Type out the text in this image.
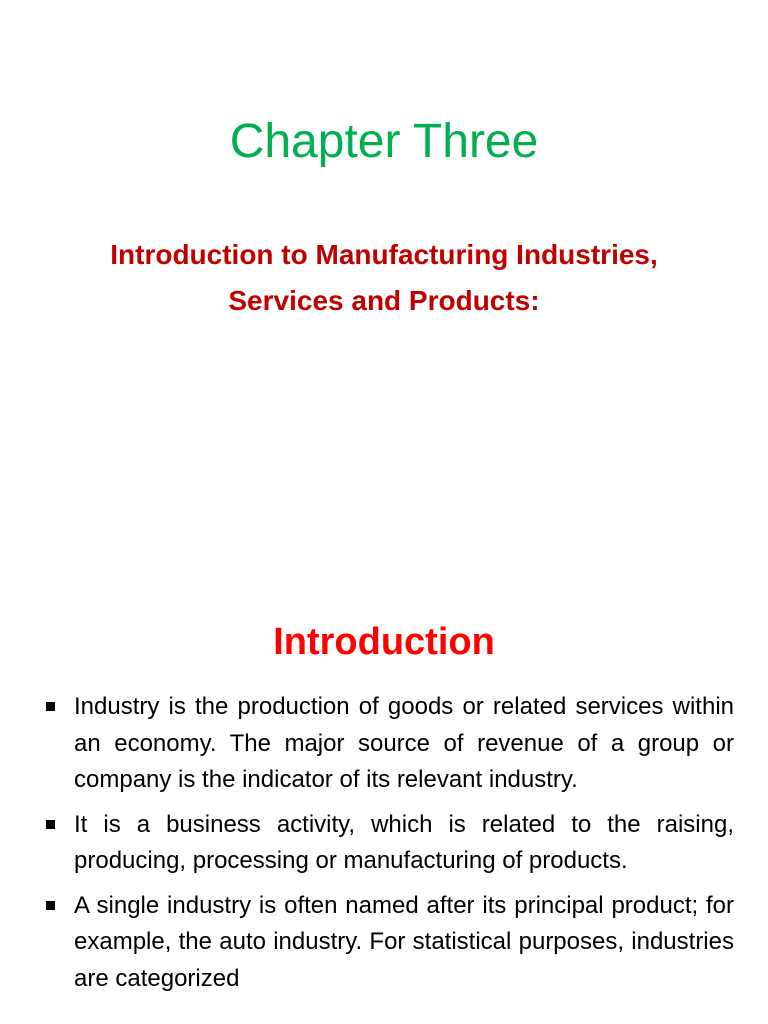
Chapter Three
Introduction to Manufacturing Industries, Services and Products:
Introduction
Industry is the production of goods or related services within an economy. The major source of revenue of a group or company is the indicator of its relevant industry.
It is a business activity, which is related to the raising, producing, processing or manufacturing of products.
A single industry is often named after its principal product; for example, the auto industry. For statistical purposes, industries are categorized
